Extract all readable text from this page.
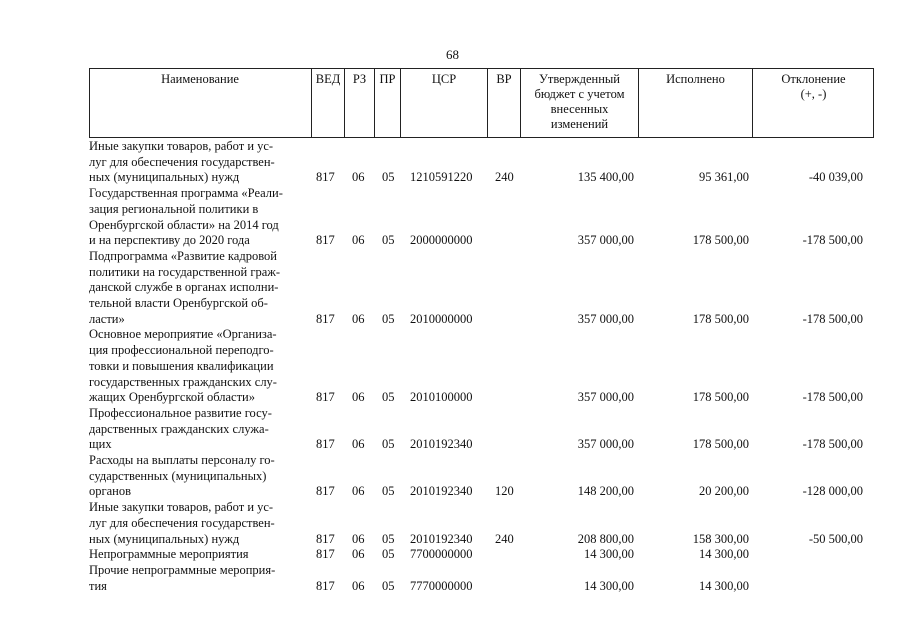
68
Наименование	ВЕД	РЗ	ПР	ЦСР	ВР	Утвержденный
бюджет с учетом
внесенных
изменений
Исполнено	Отклонение
(+, -)
Иные закупки товаров, работ и ус-
луг для обеспечения государствен-
ных (муниципальных) нужд	817 06 05 1210591220 240	135 400,00	95 361,00	-40 039,00
Государственная программа «Реали-
зация региональной политики в
Оренбургской области» на 2014 год
и на перспективу до 2020 года	817 06 05 2000000000	357 000,00	178 500,00	-178 500,00
Подпрограмма «Развитие кадровой
политики на государственной граж-
данской службе в органах исполни-
тельной власти Оренбургской об-
ласти»	817 06 05 2010000000	357 000,00	178 500,00	-178 500,00
Основное мероприятие «Организа-
ция профессиональной переподго-
товки и повышения квалификации
государственных гражданских слу-
жащих Оренбургской области»	817 06 05 2010100000	357 000,00	178 500,00	-178 500,00
Профессиональное развитие госу-
дарственных гражданских служа-
щих	817 06 05 2010192340	357 000,00	178 500,00	-178 500,00
Расходы на выплаты персоналу го-
сударственных (муниципальных)
органов	817 06 05 2010192340 120	148 200,00	20 200,00	-128 000,00
Иные закупки товаров, работ и ус-
луг для обеспечения государствен-
ных (муниципальных) нужд	817 06 05 2010192340 240	208 800,00	158 300,00	-50 500,00
Непрограммные мероприятия	817 06 05 7700000000	14 300,00	14 300,00
Прочие непрограммные мероприя-
тия	817 06 05 7770000000	14 300,00	14 300,00
